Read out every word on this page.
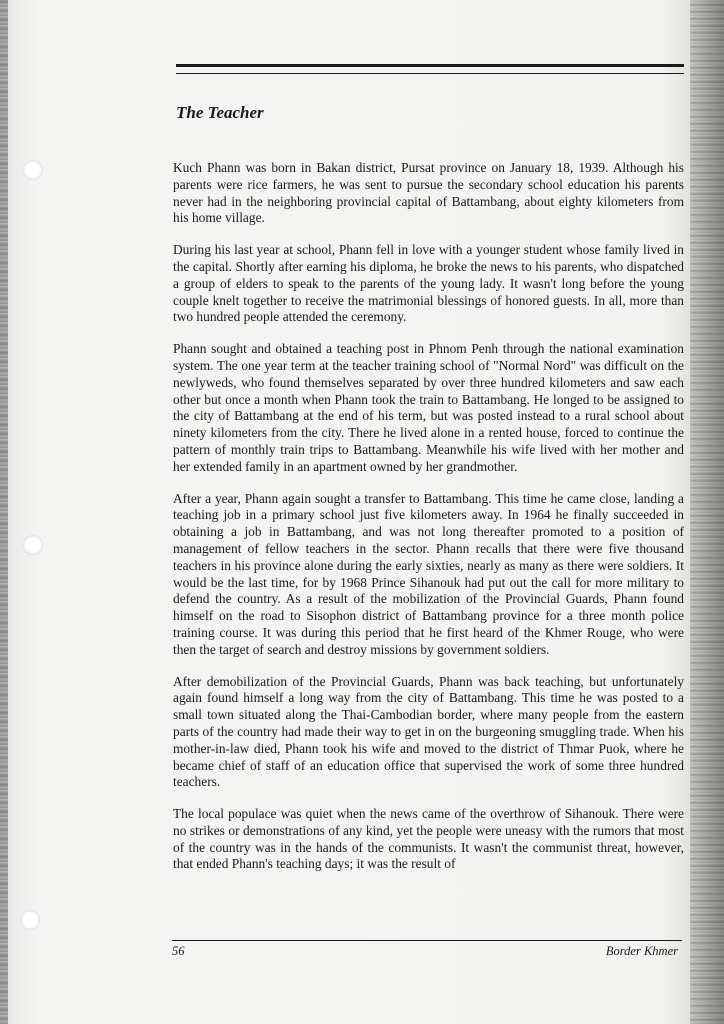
The Teacher

Kuch Phann was born in Bakan district, Pursat province on January 18, 1939. Although his parents were rice farmers, he was sent to pursue the secondary school education his parents never had in the neighboring provincial capital of Battambang, about eighty kilometers from his home village.

During his last year at school, Phann fell in love with a younger student whose family lived in the capital. Shortly after earning his diploma, he broke the news to his parents, who dispatched a group of elders to speak to the parents of the young lady. It wasn't long before the young couple knelt together to receive the matrimonial blessings of honored guests. In all, more than two hundred people attended the ceremony.

Phann sought and obtained a teaching post in Phnom Penh through the national examination system. The one year term at the teacher training school of "Normal Nord" was difficult on the newlyweds, who found themselves separated by over three hundred kilometers and saw each other but once a month when Phann took the train to Battambang. He longed to be assigned to the city of Battambang at the end of his term, but was posted instead to a rural school about ninety kilometers from the city. There he lived alone in a rented house, forced to continue the pattern of monthly train trips to Battambang. Meanwhile his wife lived with her mother and her extended family in an apartment owned by her grandmother.

After a year, Phann again sought a transfer to Battambang. This time he came close, landing a teaching job in a primary school just five kilometers away. In 1964 he finally succeeded in obtaining a job in Battambang, and was not long thereafter promoted to a position of management of fellow teachers in the sector. Phann recalls that there were five thousand teachers in his province alone during the early sixties, nearly as many as there were soldiers. It would be the last time, for by 1968 Prince Sihanouk had put out the call for more military to defend the country. As a result of the mobilization of the Provincial Guards, Phann found himself on the road to Sisophon district of Battambang province for a three month police training course. It was during this period that he first heard of the Khmer Rouge, who were then the target of search and destroy missions by government soldiers.

After demobilization of the Provincial Guards, Phann was back teaching, but unfortunately again found himself a long way from the city of Battambang. This time he was posted to a small town situated along the Thai-Cambodian border, where many people from the eastern parts of the country had made their way to get in on the burgeoning smuggling trade. When his mother-in-law died, Phann took his wife and moved to the district of Thmar Puok, where he became chief of staff of an education office that supervised the work of some three hundred teachers.

The local populace was quiet when the news came of the overthrow of Sihanouk. There were no strikes or demonstrations of any kind, yet the people were uneasy with the rumors that most of the country was in the hands of the communists. It wasn't the communist threat, however, that ended Phann's teaching days; it was the result of

56	Border Khmer
